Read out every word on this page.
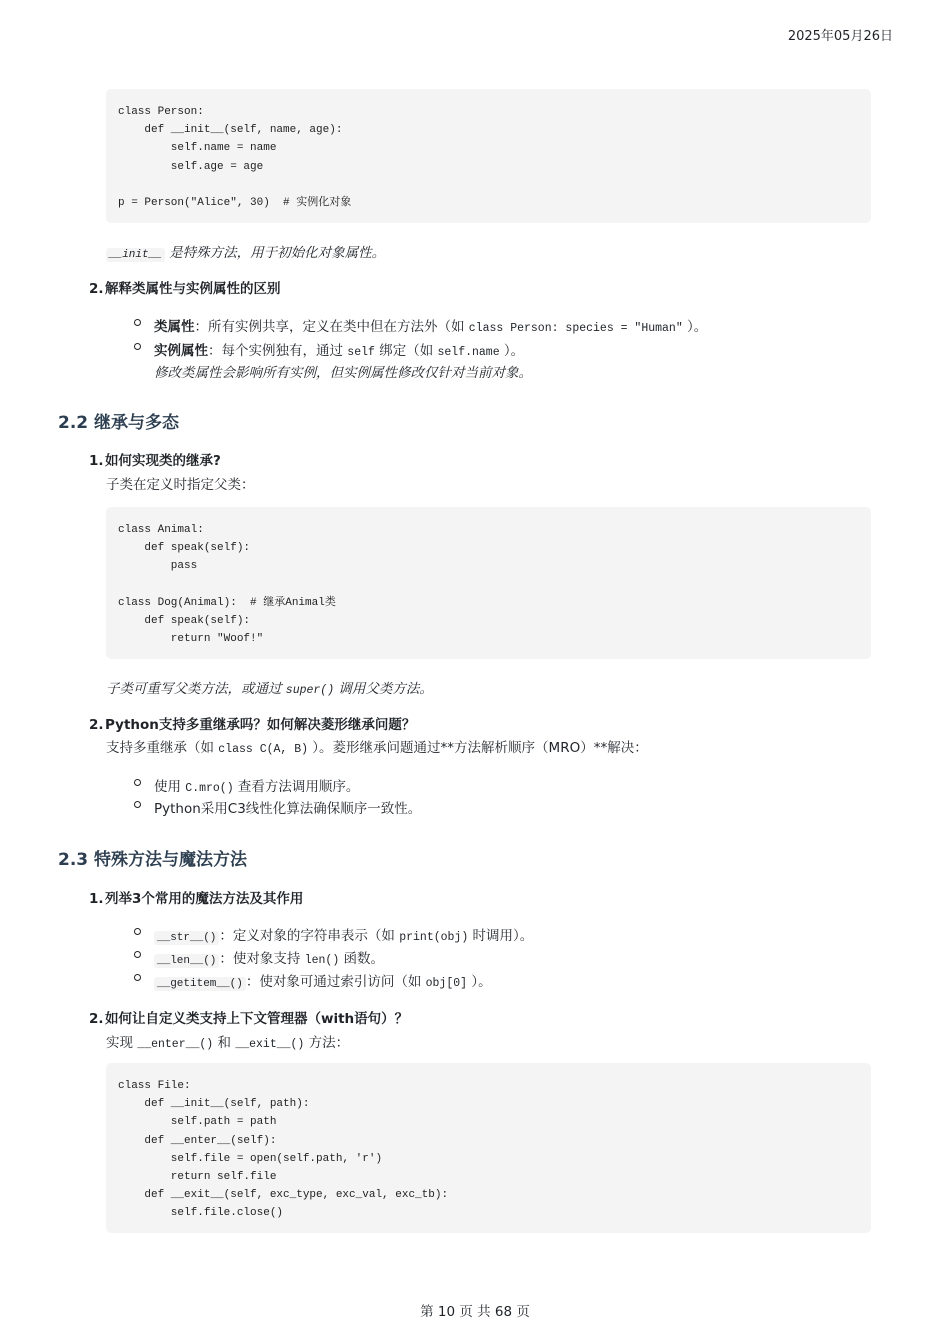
2025年05月26日
class Person:
def __init__(self, name, age):
self.name = name
self.age = age
p = Person("Alice", 30)  # 实例化对象
__init__ 是特殊方法，用于初始化对象属性。
2.解释类属性与实例属性的区别
类属性：所有实例共享，定义在类中但在方法外（如 class Person: species = "Human" ）。
实例属性：每个实例独有，通过 self 绑定（如 self.name ）。
修改类属性会影响所有实例，但实例属性修改仅针对当前对象。
2.2 继承与多态
1.如何实现类的继承?
子类在定义时指定父类：
class Animal:
def speak(self):
pass
class Dog(Animal):  # 继承Animal类
def speak(self):
return "Woof!"
子类可重写父类方法，或通过 super() 调用父类方法。
2.Python支持多重继承吗？如何解决菱形继承问题？
支持多重继承（如 class C(A, B) ）。菱形继承问题通过**方法解析顺序（MRO）**解决：
使用 C.mro() 查看方法调用顺序。
Python采用C3线性化算法确保顺序一致性。
2.3 特殊方法与魔法方法
1.列举3个常用的魔法方法及其作用
__str__() ：定义对象的字符串表示（如 print(obj) 时调用）。
__len__() ：使对象支持 len() 函数。
__getitem__() ：使对象可通过索引访问（如 obj[0] ）。
2.如何让自定义类支持上下文管理器（with语句）？
实现 __enter__() 和 __exit__() 方法：
class File:
def __init__(self, path):
self.path = path
def __enter__(self):
self.file = open(self.path, 'r')
return self.file
def __exit__(self, exc_type, exc_val, exc_tb):
self.file.close()
第 10 页 共 68 页
